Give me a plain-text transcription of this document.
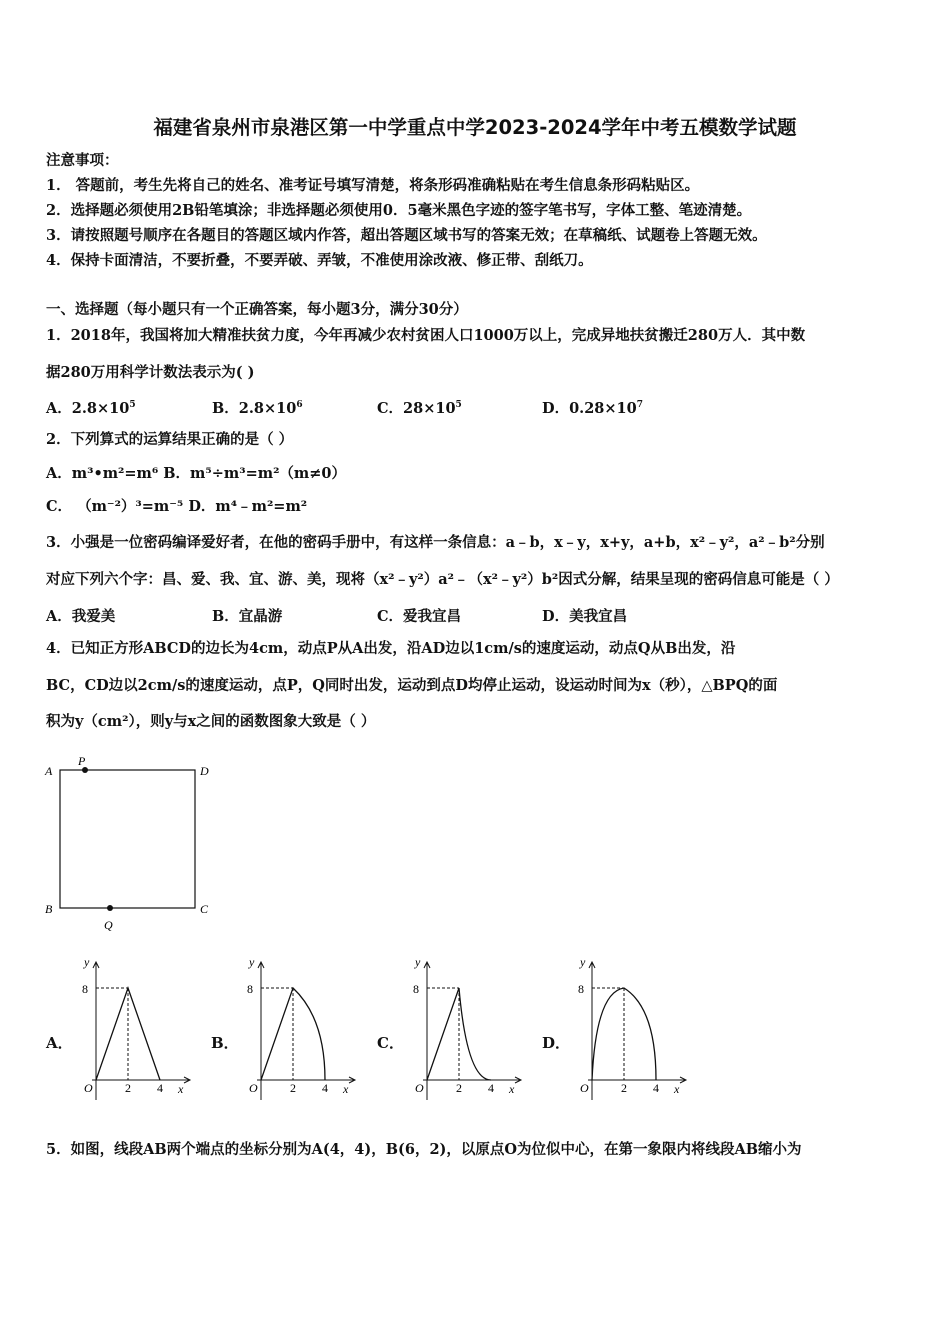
福建省泉州市泉港区第一中学重点中学2023-2024学年中考五模数学试题
注意事项：
1． 答题前，考生先将自己的姓名、准考证号填写清楚，将条形码准确粘贴在考生信息条形码粘贴区。
2．选择题必须使用2B铅笔填涂；非选择题必须使用0．5毫米黑色字迹的签字笔书写，字体工整、笔迹清楚。
3．请按照题号顺序在各题目的答题区域内作答，超出答题区域书写的答案无效；在草稿纸、试题卷上答题无效。
4．保持卡面清洁，不要折叠，不要弄破、弄皱，不准使用涂改液、修正带、刮纸刀。
一、选择题（每小题只有一个正确答案，每小题3分，满分30分）
1．2018年，我国将加大精准扶贫力度，今年再减少农村贫困人口1000万以上，完成异地扶贫搬迁280万人．其中数
据280万用科学计数法表示为( )
A．$2.8\times 10^5$	B．$2.8\times 10^6$	C．$28\times 10^5$	D．$0.28\times 10^7$
2．下列算式的运算结果正确的是（ ）
A．m³•m²=m⁶ B．m⁵÷m³=m²（m≠0）
C． （m⁻²）³=m⁻⁵ D．m⁴﹣m²=m²
3．小强是一位密码编译爱好者，在他的密码手册中，有这样一条信息：a﹣b，x﹣y，x+y，a+b，x²﹣y²，a²﹣b²分别
对应下列六个字：昌、爱、我、宜、游、美，现将（x²﹣y²）a²﹣（x²﹣y²）b²因式分解，结果呈现的密码信息可能是（ ）
A．我爱美	B．宜晶游	C．爱我宜昌	D．美我宜昌
4．已知正方形ABCD的边长为4cm，动点P从A出发，沿AD边以1cm/s的速度运动，动点Q从B出发，沿
BC，CD边以2cm/s的速度运动，点P，Q同时出发，运动到点D均停止运动，设运动时间为x（秒），△BPQ的面
积为y（cm²），则y与x之间的函数图象大致是（ ）
A
P
D
B	C
Q
A．
y
8
O	2 4 x
B．
y
8
O	2 4 x
C．
y
8
O	2 4 x
D．
y
8
O	2 4 x
5．如图，线段AB两个端点的坐标分别为A(4，4)，B(6，2)，以原点O为位似中心，在第一象限内将线段AB缩小为
